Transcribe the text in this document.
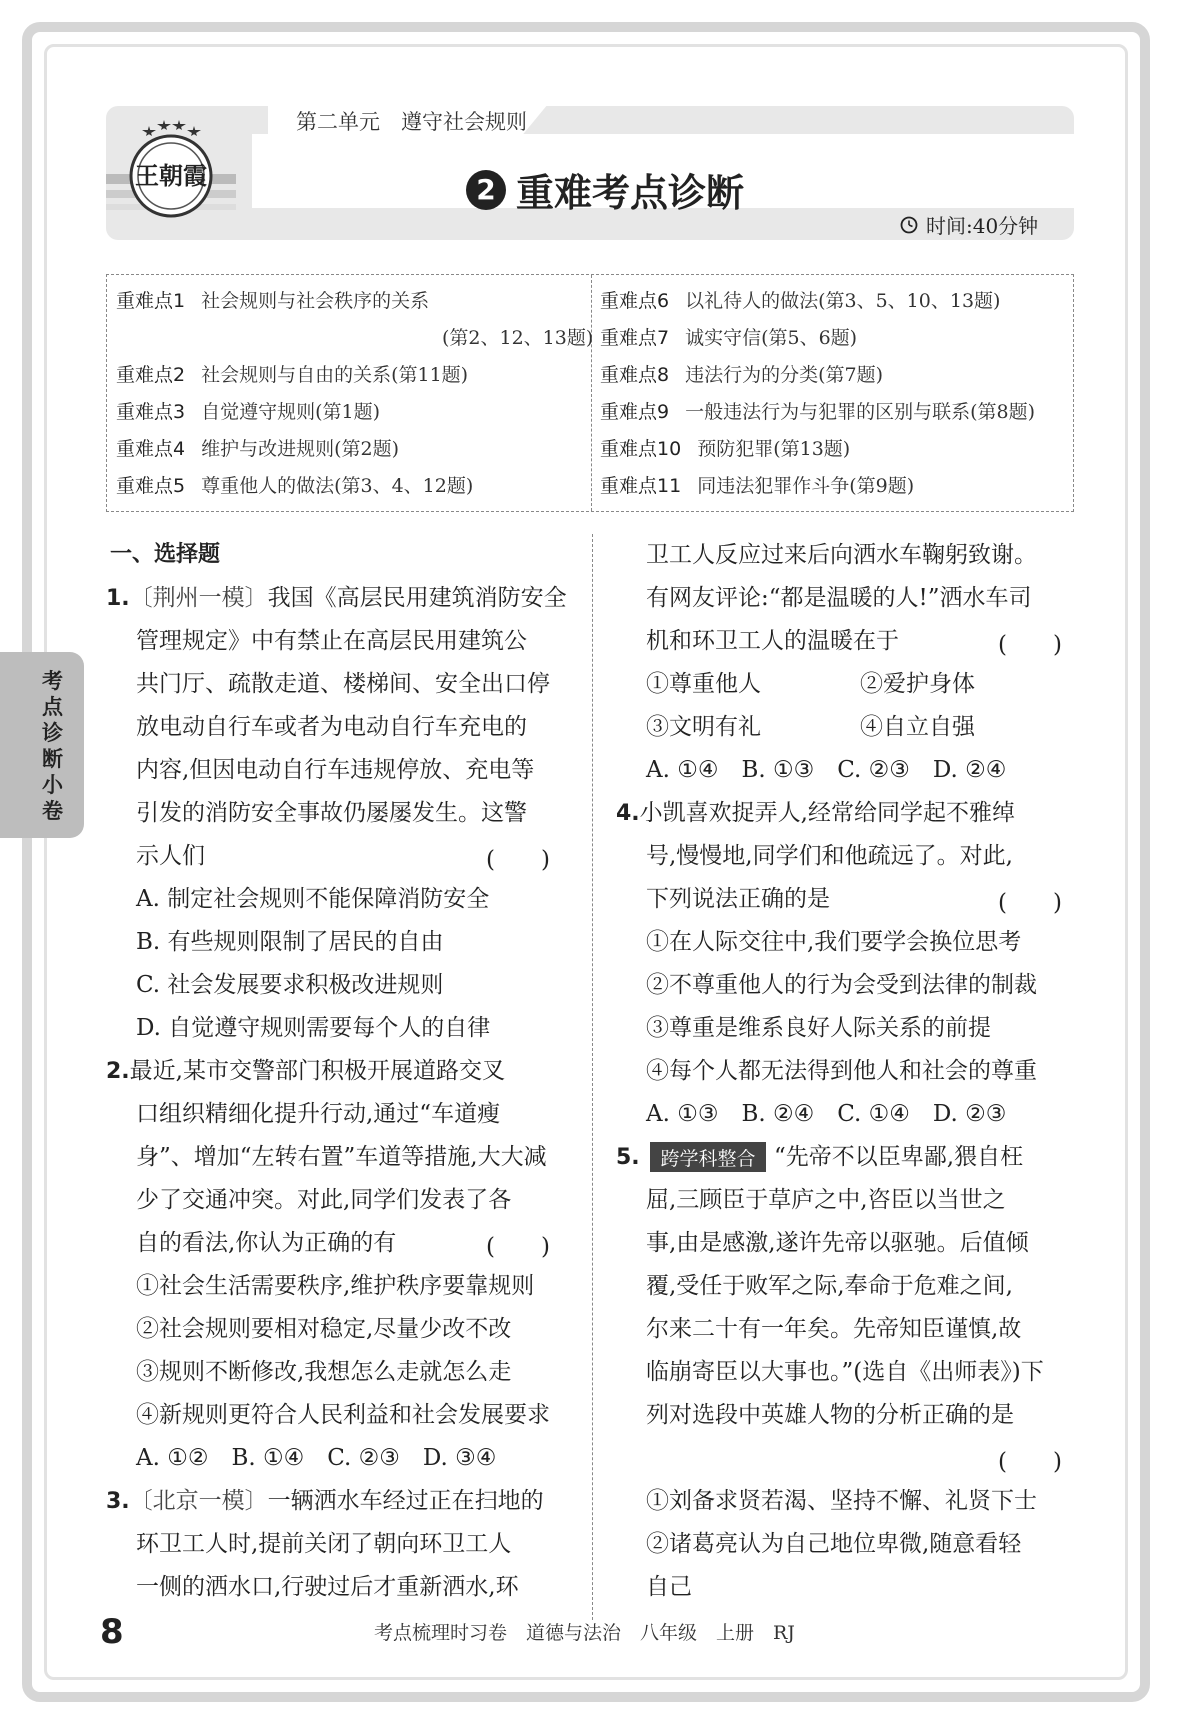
第二单元　遵守社会规则
王朝霞	2 重难考点诊断
时间:40分钟
重难点1 社会规则与社会秩序的关系
(第2、12、13题)
重难点2 社会规则与自由的关系(第11题)
重难点3 自觉遵守规则(第1题)
重难点4 维护与改进规则(第2题)
重难点5 尊重他人的做法(第3、4、12题)
重难点6 以礼待人的做法(第3、5、10、13题)
重难点7 诚实守信(第5、6题)
重难点8 违法行为的分类(第7题)
重难点9 一般违法行为与犯罪的区别与联系(第8题)
重难点10 预防犯罪(第13题)
重难点11 同违法犯罪作斗争(第9题)
考点诊断小卷
一、选择题
1.〔荆州一模〕我国《高层民用建筑消防安全
管理规定》中有禁止在高层民用建筑公
共门厅、疏散走道、楼梯间、安全出口停
放电动自行车或者为电动自行车充电的
内容,但因电动自行车违规停放、充电等
引发的消防安全事故仍屡屡发生。这警
示人们	(　　)
A. 制定社会规则不能保障消防安全
B. 有些规则限制了居民的自由
C. 社会发展要求积极改进规则
D. 自觉遵守规则需要每个人的自律
2.最近,某市交警部门积极开展道路交叉
口组织精细化提升行动,通过“车道瘦
身”、增加“左转右置”车道等措施,大大减
少了交通冲突。对此,同学们发表了各
自的看法,你认为正确的有	(　　)
①社会生活需要秩序,维护秩序要靠规则
②社会规则要相对稳定,尽量少改不改
③规则不断修改,我想怎么走就怎么走
④新规则更符合人民利益和社会发展要求
A. ①②　B. ①④　C. ②③　D. ③④
3.〔北京一模〕一辆洒水车经过正在扫地的
环卫工人时,提前关闭了朝向环卫工人
一侧的洒水口,行驶过后才重新洒水,环
卫工人反应过来后向洒水车鞠躬致谢。
有网友评论:“都是温暖的人!”洒水车司
机和环卫工人的温暖在于	(　　)
①尊重他人	②爱护身体
③文明有礼	④自立自强
A. ①④　B. ①③　C. ②③　D. ②④
4.小凯喜欢捉弄人,经常给同学起不雅绰
号,慢慢地,同学们和他疏远了。对此,
下列说法正确的是	(　　)
①在人际交往中,我们要学会换位思考
②不尊重他人的行为会受到法律的制裁
③尊重是维系良好人际关系的前提
④每个人都无法得到他人和社会的尊重
A. ①③　B. ②④　C. ①④　D. ②③
5.	跨学科整合 “先帝不以臣卑鄙,猥自枉
屈,三顾臣于草庐之中,咨臣以当世之
事,由是感激,遂许先帝以驱驰。后值倾
覆,受任于败军之际,奉命于危难之间,
尔来二十有一年矣。先帝知臣谨慎,故
临崩寄臣以大事也。”(选自《出师表》)下
列对选段中英雄人物的分析正确的是
(　　)
①刘备求贤若渴、坚持不懈、礼贤下士
②诸葛亮认为自己地位卑微,随意看轻
自己
8	考点梳理时习卷　道德与法治　八年级　上册　RJ
